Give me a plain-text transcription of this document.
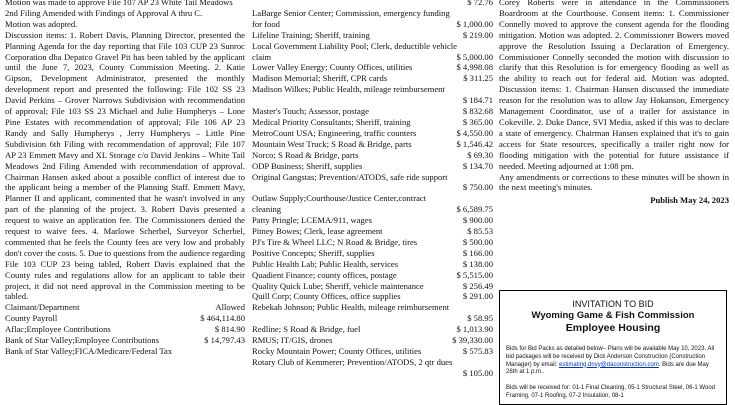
Motion was made to approve File 107 AP 23 White Tail Meadows
2nd Filing Amended with Findings of Approval A thru C.
Motion was adopted.

Discussion items: 1. Robert Davis, Planning Director, presented the Planning Agenda for the day reporting that File 103 CUP 23 Sunroc Corporation dba Depatco Gravel Pit has been tabled by the applicant until the June 7, 2023, County Commission Meeting. 2. Katie Gipson, Development Administrator, presented the monthly development report and presented the following: File 102 SS 23 David Perkins – Grover Narrows Subdivision with recommendation of approval; File 103 SS 23 Michael and Julie Humpherys – Lone Pine Estates with recommendation of approval; File 106 AP 23 Randy and Sally Humpherys , Jerry Humpherys – Little Pine Subdivision 6th Filing with recommendation of approval; File 107 AP 23 Emmett Mavy and XL Storage c/o David Jenkins – White Tail Meadows 2nd Filing Amended with recommendation of approval. Chairman Hansen asked about a possible conflict of interest due to the applicant being a member of the Planning Staff. Emmett Mavy, Planner II and applicant, commented that he wasn't involved in any part of the planning of the project. 3. Robert Davis presented a request to waive an application fee. The Commissioners denied the request to waive fees. 4. Marlowe Scherbel, Surveyor Scherbel, commented that he feels the County fees are very low and probably don't cover the costs. 5. Due to questions from the audience regarding File 103 CUP 23 being tabled, Robert Davis explained that the County rules and regulations allow for an applicant to table their project, it did not need approval in the Commission meeting to be tabled.

Claimant/Department	Allowed
County Payroll	$ 464,114.80
Aflac;Employee Contributions	$ 814.90
Bank of Star Valley;Employee Contributions	$ 14,797.43
Bank of Star Valley;FICA/Medicare/Federal Tax
$ 72.76
LaBarge Senior Center; Commission, emergency funding
for food	$ 1,000.00
Lifeline Training; Sheriff, training	$ 219.00
Local Government Liability Pool; Clerk, deductible vehicle
claim	$ 5,000.00
Lower Valley Energy; County Offices, utilities	$ 4,998.08
Madison Memorial; Sheriff, CPR cards	$ 311.25
Madison Wilkes; Public Health, mileage reimbursement
$ 184.71
Master's Touch; Assessor, postage	$ 832.68
Medical Priority Consultants; Sheriff, training	$ 365.00
MetroCount USA; Engineering, traffic counters	$ 4,550.00
Mountain West Truck; S Road & Bridge, parts	$ 1,546.42
Norco; S Road & Bridge, parts	$ 69.30
ODP Business; Sheriff, supplies	$ 134.70
Original Gangstas; Prevention/ATODS, safe ride support
$ 750.00
Outlaw Supply;Courthouse/Justice Center,contract
cleaning	$ 6,589.75
Patty Pringle; LCEMA/911, wages	$ 900.00
Pitney Bowes; Clerk, lease agreement	$ 85.53
PJ's Tire & Wheel LLC; N Road & Bridge, tires	$ 500.00
Positive Concepts; Sheriff, supplies	$ 166.00
Public Health Lab; Public Health, services	$ 138.00
Quadient Finance; county offices, postage	$ 5,515.00
Quality Quick Lube; Sheriff, vehicle maintenance	$ 256.49
Quill Corp; County Offices, office supplies	$ 291.00
Rebekah Johnson; Public Health, mileage reimbursement
$ 58.95
Redline; S Road & Bridge, fuel	$ 1,013.90
RMUS; IT/GIS, drones	$ 39,330.00
Rocky Mountain Power; County Offices, utilities	$ 575.83
Rotary Club of Kemmerer; Prevention/ATODS, 2 qtr dues
$ 105.00

Corey Roberts were in attendance in the Commissioners Boardroom at the Courthouse. Consent items: 1. Commissioner Connelly moved to approve the consent agenda for the flooding mitigation. Motion was adopted. 2. Commissioner Bowers moved approve the Resolution Issuing a Declaration of Emergency. Commissioner Connelly seconded the motion with discussion to clarify that this Resolution is for emergency flooding as well as the ability to reach out for federal aid. Motion was adopted. Discussion items: 1. Chairman Hansen discussed the immediate reason for the resolution was to allow Jay Hokanson, Emergency Management Coordinator, use of a trailer for assistance in Cokeville. 2. Duke Dance, SVI Media, asked if this was to declare a state of emergency. Chairman Hansen explained that it's to gain access for State resources, specifically a trailer right now for flooding mitigation with the potential for future assistance if needed. Meeting adjourned at 1:08 pm.

Any amendments or corrections to these minutes will be shown in the next meeting's minutes.

Publish May 24, 2023
INVITATION TO BID
Wyoming Game & Fish Commission
Employee Housing
Bids for Bid Packs as detailed below– Plans will be available May 10, 2023. All bid packages will be received by Dick Anderson Construction (Construction Manager) by email: estimating.dnvy@daconstruction.com. Bids are due May 26th at 1 p.m..
Bids will be received for: 01-1 Final Cleaning, 05-1 Structural Steel, 06-1 Wood Framing, 07-1 Roofing, 07-2 Insulation, 08-1
